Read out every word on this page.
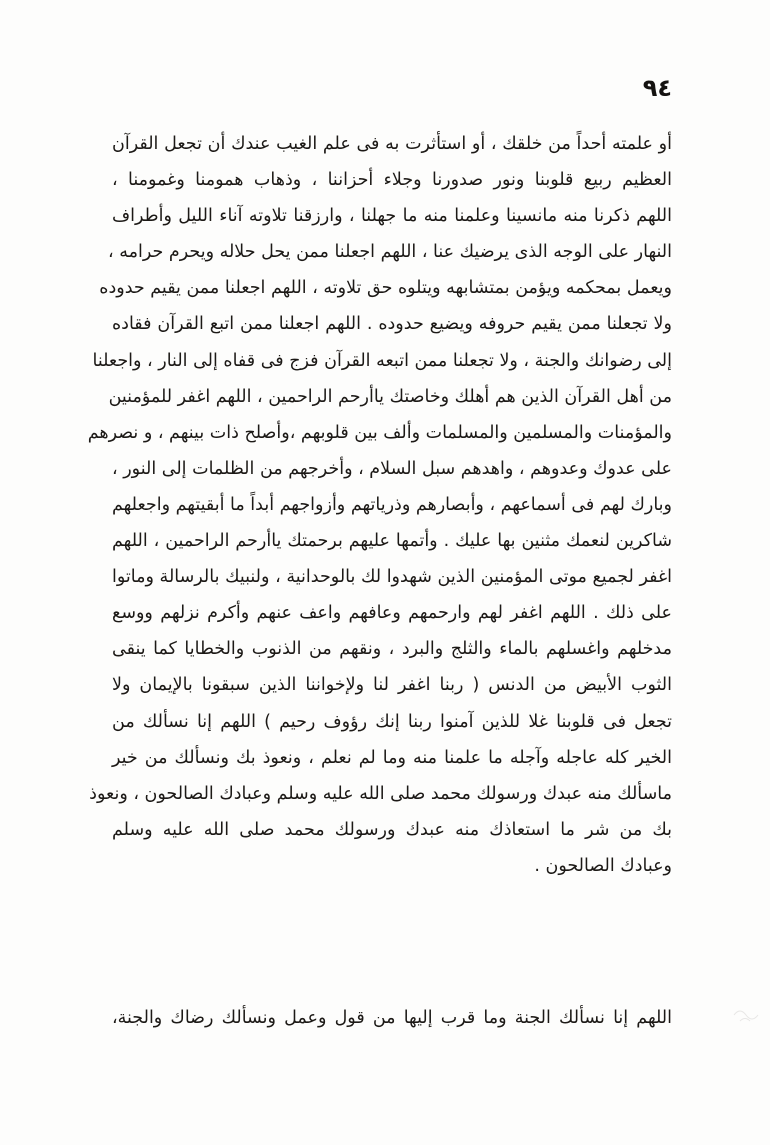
٩٤
أو علمته أحداً من خلقك ، أو استأثرت به فى علم الغيب عندك أن تجعل القرآن
العظيم ربيع قلوبنا ونور صدورنا وجلاء أحزاننا ، وذهاب همومنا وغمومنا ،
اللهم ذكرنا منه مانسينا وعلمنا منه ما جهلنا ، وارزقنا تلاوته آناء الليل وأطراف
النهار على الوجه الذى يرضيك عنا ، اللهم اجعلنا ممن يحل حلاله ويحرم حرامه ،
ويعمل بمحكمه ويؤمن بمتشابهه ويتلوه حق تلاوته ، اللهم اجعلنا ممن يقيم حدوده
ولا تجعلنا ممن يقيم حروفه ويضيع حدوده . اللهم اجعلنا ممن اتبع القرآن فقاده
إلى رضوانك والجنة ، ولا تجعلنا ممن اتبعه القرآن فزج فى قفاه إلى النار ، واجعلنا
من أهل القرآن الذين هم أهلك وخاصتك ياأرحم الراحمين ، اللهم اغفر للمؤمنين
والمؤمنات والمسلمين والمسلمات وألف بين قلوبهم ،وأصلح ذات بينهم ، و نصرهم
على عدوك وعدوهم ، واهدهم سبل السلام ، وأخرجهم من الظلمات إلى النور ،
وبارك لهم فى أسماعهم ، وأبصارهم وذرياتهم وأزواجهم أبداً ما أبقيتهم واجعلهم
شاكرين لنعمك مثنين بها عليك . وأتمها عليهم برحمتك ياأرحم الراحمين ، اللهم
اغفر لجميع موتى المؤمنين الذين شهدوا لك بالوحدانية ، ولنبيك بالرسالة وماتوا
على ذلك . اللهم اغفر لهم وارحمهم وعافهم واعف عنهم وأكرم نزلهم ووسع
مدخلهم واغسلهم بالماء والثلج والبرد ، ونقهم من الذنوب والخطايا كما ينقى
الثوب الأبيض من الدنس ( ربنا اغفر لنا ولإخواننا الذين سبقونا بالإيمان ولا
تجعل فى قلوبنا غلا للذين آمنوا ربنا إنك رؤوف رحيم ) اللهم إنا نسألك من
الخير كله عاجله وآجله ما علمنا منه وما لم نعلم ، ونعوذ بك ونسألك من خير
ماسألك منه عبدك ورسولك محمد صلى الله عليه وسلم وعبادك الصالحون ، ونعوذ
بك من شر ما استعاذك منه عبدك ورسولك محمد صلى الله عليه وسلم
وعبادك الصالحون .
اللهم إنا نسألك الجنة وما قرب إليها من قول وعمل ونسألك رضاك والجنة،
